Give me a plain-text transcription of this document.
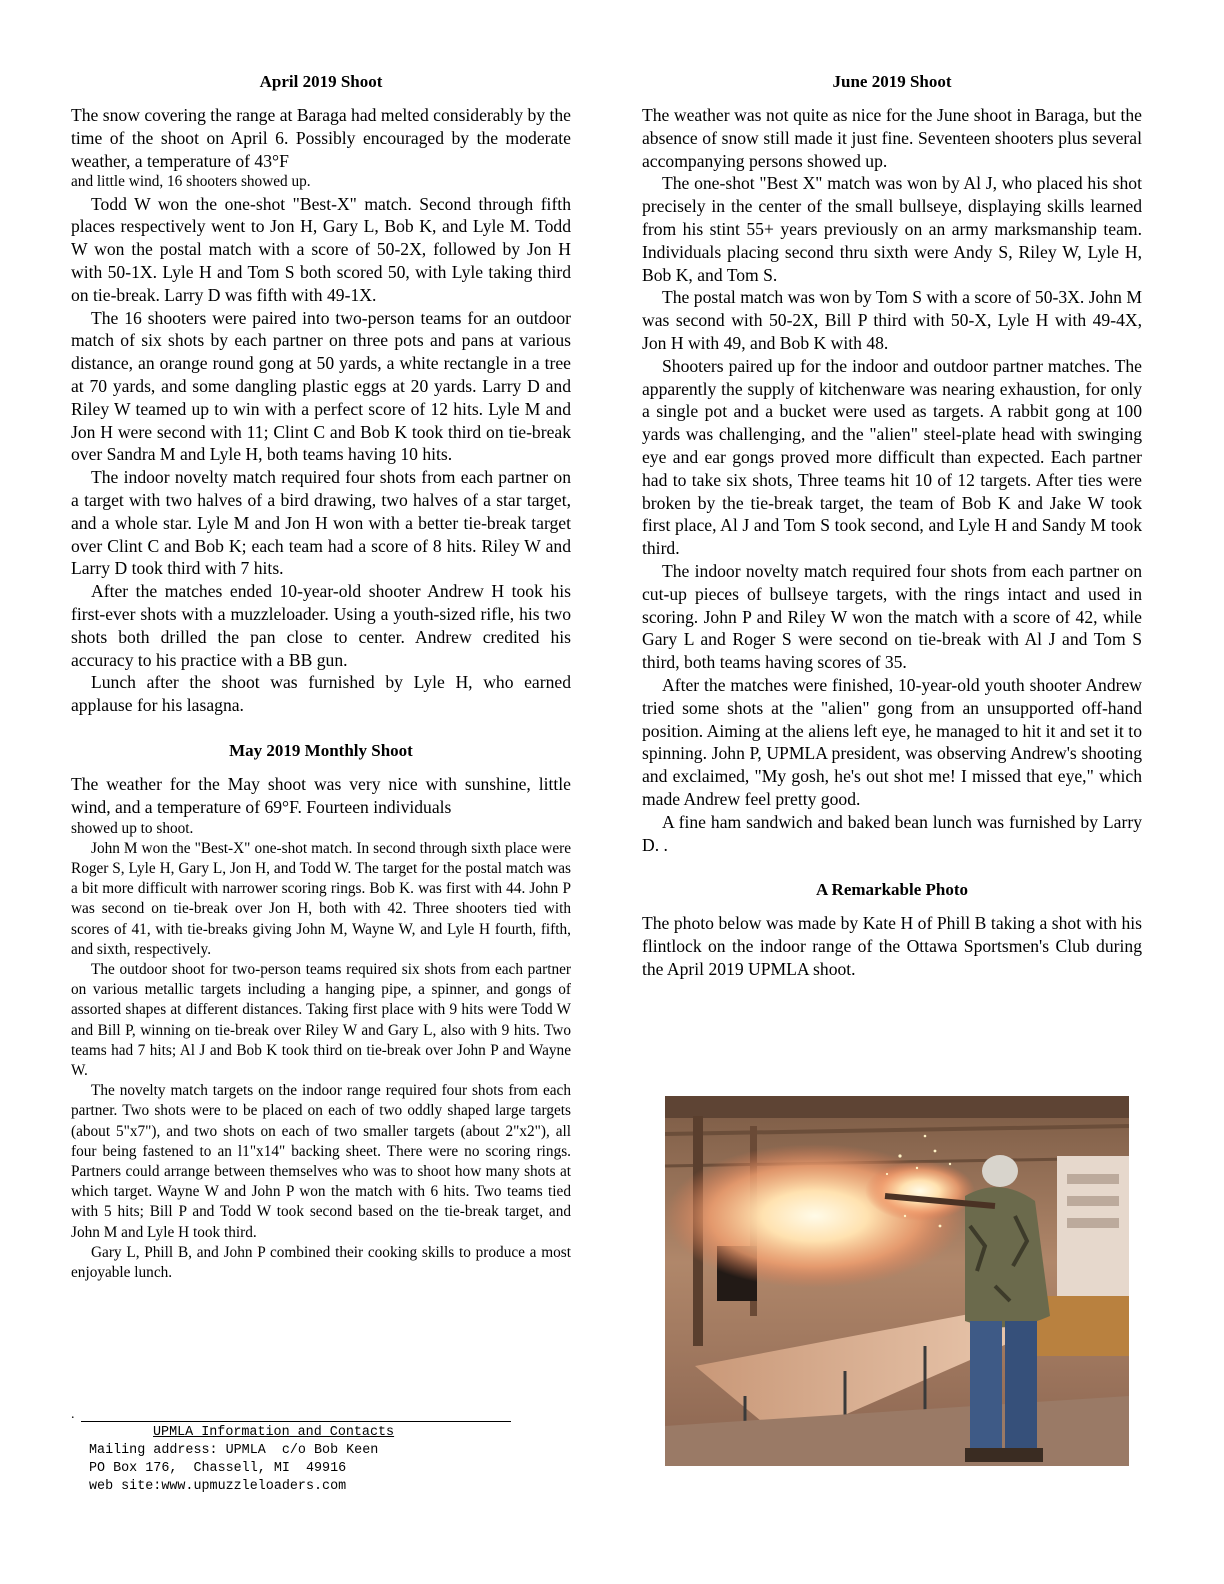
April 2019 Shoot

The snow covering the range at Baraga had melted considerably by the time of the shoot on April 6. Possibly encouraged by the moderate weather, a temperature of 43°F

and little wind, 16 shooters showed up.

Todd W won the one-shot "Best-X" match. Second through fifth places respectively went to Jon H, Gary L, Bob K, and Lyle M. Todd W won the postal match with a score of 50-2X, followed by Jon H with 50-1X. Lyle H and Tom S both scored 50, with Lyle taking third on tie-break. Larry D was fifth with 49-1X.

The 16 shooters were paired into two-person teams for an outdoor match of six shots by each partner on three pots and pans at various distance, an orange round gong at 50 yards, a white rectangle in a tree at 70 yards, and some dangling plastic eggs at 20 yards. Larry D and Riley W teamed up to win with a perfect score of 12 hits. Lyle M and Jon H were second with 11; Clint C and Bob K took third on tie-break over Sandra M and Lyle H, both teams having 10 hits.

The indoor novelty match required four shots from each partner on a target with two halves of a bird drawing, two halves of a star target, and a whole star. Lyle M and Jon H won with a better tie-break target over Clint C and Bob K; each team had a score of 8 hits. Riley W and Larry D took third with 7 hits.

After the matches ended 10-year-old shooter Andrew H took his first-ever shots with a muzzleloader. Using a youth-sized rifle, his two shots both drilled the pan close to center. Andrew credited his accuracy to his practice with a BB gun.

Lunch after the shoot was furnished by Lyle H, who earned applause for his lasagna.

May 2019 Monthly Shoot

The weather for the May shoot was very nice with sunshine, little wind, and a temperature of 69°F. Fourteen individuals

showed up to shoot.

John M won the "Best-X" one-shot match. In second through sixth place were Roger S, Lyle H, Gary L, Jon H, and Todd W. The target for the postal match was a bit more difficult with narrower scoring rings. Bob K. was first with 44. John P was second on tie-break over Jon H, both with 42. Three shooters tied with scores of 41, with tie-breaks giving John M, Wayne W, and Lyle H fourth, fifth, and sixth, respectively.

The outdoor shoot for two-person teams required six shots from each partner on various metallic targets including a hanging pipe, a spinner, and gongs of assorted shapes at different distances. Taking first place with 9 hits were Todd W and Bill P, winning on tie-break over Riley W and Gary L, also with 9 hits. Two teams had 7 hits; Al J and Bob K took third on tie-break over John P and Wayne W.

The novelty match targets on the indoor range required four shots from each partner. Two shots were to be placed on each of two oddly shaped large targets (about 5"x7"), and two shots on each of two smaller targets (about 2"x2"), all four being fastened to an l1"x14" backing sheet. There were no scoring rings. Partners could arrange between themselves who was to shoot how many shots at which target. Wayne W and John P won the match with 6 hits. Two teams tied with 5 hits; Bill P and Todd W took second based on the tie-break target, and John M and Lyle H took third.

Gary L, Phill B, and John P combined their cooking skills to produce a most enjoyable lunch.

.
UPMLA Information and Contacts
Mailing address: UPMLA  c/o Bob Keen
PO Box 176,  Chassell, MI  49916
web site:www.upmuzzleloaders.com
June 2019 Shoot

The weather was not quite as nice for the June shoot in Baraga, but the absence of snow still made it just fine. Seventeen shooters plus several accompanying persons showed up.

The one-shot "Best X" match was won by Al J, who placed his shot precisely in the center of the small bullseye, displaying skills learned from his stint 55+ years previously on an army marksmanship team. Individuals placing second thru sixth were Andy S, Riley W, Lyle H, Bob K, and Tom S.

The postal match was won by Tom S with a score of 50-3X. John M was second with 50-2X, Bill P third with 50-X, Lyle H with 49-4X, Jon H with 49, and Bob K with 48.

Shooters paired up for the indoor and outdoor partner matches. The apparently the supply of kitchenware was nearing exhaustion, for only a single pot and a bucket were used as targets. A rabbit gong at 100 yards was challenging, and the "alien" steel-plate head with swinging eye and ear gongs proved more difficult than expected. Each partner had to take six shots, Three teams hit 10 of 12 targets. After ties were broken by the tie-break target, the team of Bob K and Jake W took first place, Al J and Tom S took second, and Lyle H and Sandy M took third.

The indoor novelty match required four shots from each partner on cut-up pieces of bullseye targets, with the rings intact and used in scoring. John P and Riley W won the match with a score of 42, while Gary L and Roger S were second on tie-break with Al J and Tom S third, both teams having scores of 35.

After the matches were finished, 10-year-old youth shooter Andrew tried some shots at the "alien" gong from an unsupported off-hand position. Aiming at the aliens left eye, he managed to hit it and set it to spinning. John P, UPMLA president, was observing Andrew's shooting and exclaimed, "My gosh, he's out shot me! I missed that eye," which made Andrew feel pretty good.

A fine ham sandwich and baked bean lunch was furnished by Larry D. .

A Remarkable Photo

The photo below was made by Kate H of Phill B taking a shot with his flintlock on the indoor range of the Ottawa Sportsmen's Club during the April 2019 UPMLA shoot.
